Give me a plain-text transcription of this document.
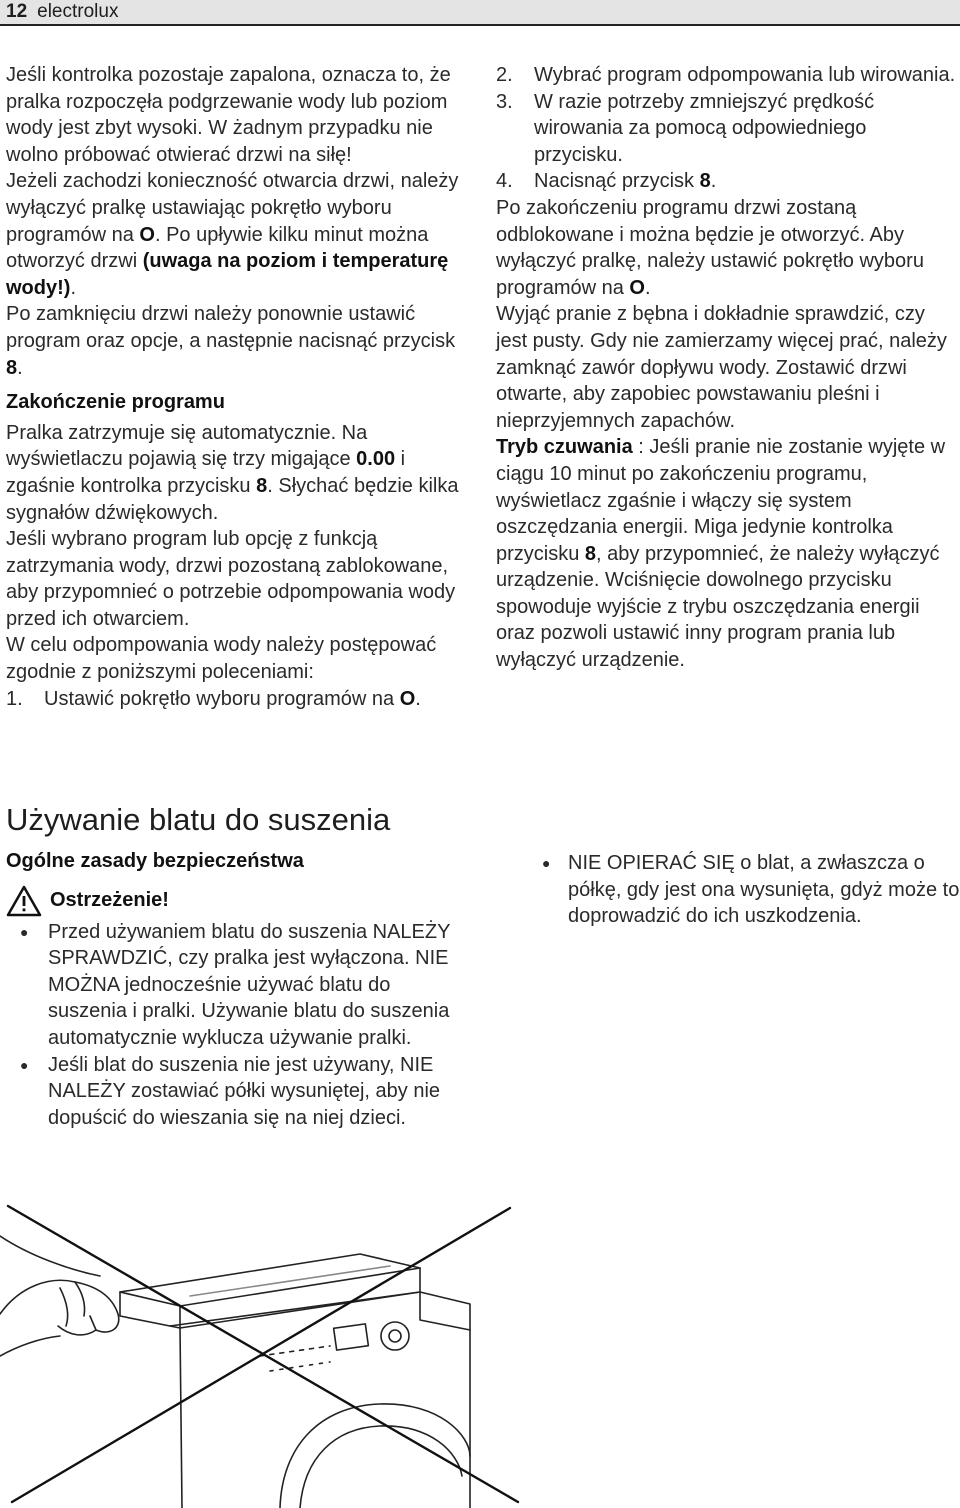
12 electrolux

Jeśli kontrolka pozostaje zapalona, oznacza to, że pralka rozpoczęła podgrzewanie wody lub poziom wody jest zbyt wysoki. W żadnym przypadku nie wolno próbować otwierać drzwi na siłę!

Jeżeli zachodzi konieczność otwarcia drzwi, należy wyłączyć pralkę ustawiając pokrętło wyboru programów na O. Po upływie kilku minut można otworzyć drzwi (uwaga na poziom i temperaturę wody!).

Po zamknięciu drzwi należy ponownie ustawić program oraz opcje, a następnie nacisnąć przycisk 8.

Zakończenie programu

Pralka zatrzymuje się automatycznie. Na wyświetlaczu pojawią się trzy migające 0.00 i zgaśnie kontrolka przycisku 8. Słychać będzie kilka sygnałów dźwiękowych.

Jeśli wybrano program lub opcję z funkcją zatrzymania wody, drzwi pozostaną zablokowane, aby przypomnieć o potrzebie odpompowania wody przed ich otwarciem.

W celu odpompowania wody należy postępować zgodnie z poniższymi poleceniami:

1.	Ustawić pokrętło wyboru programów na O.
2.	Wybrać program odpompowania lub wirowania.
3.	W razie potrzeby zmniejszyć prędkość wirowania za pomocą odpowiedniego przycisku.
4.	Nacisnąć przycisk 8.

Po zakończeniu programu drzwi zostaną odblokowane i można będzie je otworzyć. Aby wyłączyć pralkę, należy ustawić pokrętło wyboru programów na O.

Wyjąć pranie z bębna i dokładnie sprawdzić, czy jest pusty. Gdy nie zamierzamy więcej prać, należy zamknąć zawór dopływu wody. Zostawić drzwi otwarte, aby zapobiec powstawaniu pleśni i nieprzyjemnych zapachów.

Tryb czuwania : Jeśli pranie nie zostanie wyjęte w ciągu 10 minut po zakończeniu programu, wyświetlacz zgaśnie i włączy się system oszczędzania energii. Miga jedynie kontrolka przycisku 8, aby przypomnieć, że należy wyłączyć urządzenie. Wciśnięcie dowolnego przycisku spowoduje wyjście z trybu oszczędzania energii oraz pozwoli ustawić inny program prania lub wyłączyć urządzenie.

Używanie blatu do suszenia
Ogólne zasady bezpieczeństwa
Ostrzeżenie!
● Przed używaniem blatu do suszenia NALEŻY SPRAWDZIĆ, czy pralka jest wyłączona. NIE MOŻNA jednocześnie używać blatu do suszenia i pralki. Używanie blatu do suszenia automatycznie wyklucza używanie pralki.
● Jeśli blat do suszenia nie jest używany, NIE NALEŻY zostawiać półki wysuniętej, aby nie dopuścić do wieszania się na niej dzieci.
● NIE OPIERAĆ SIĘ o blat, a zwłaszcza o półkę, gdy jest ona wysunięta, gdyż może to doprowadzić do ich uszkodzenia.
